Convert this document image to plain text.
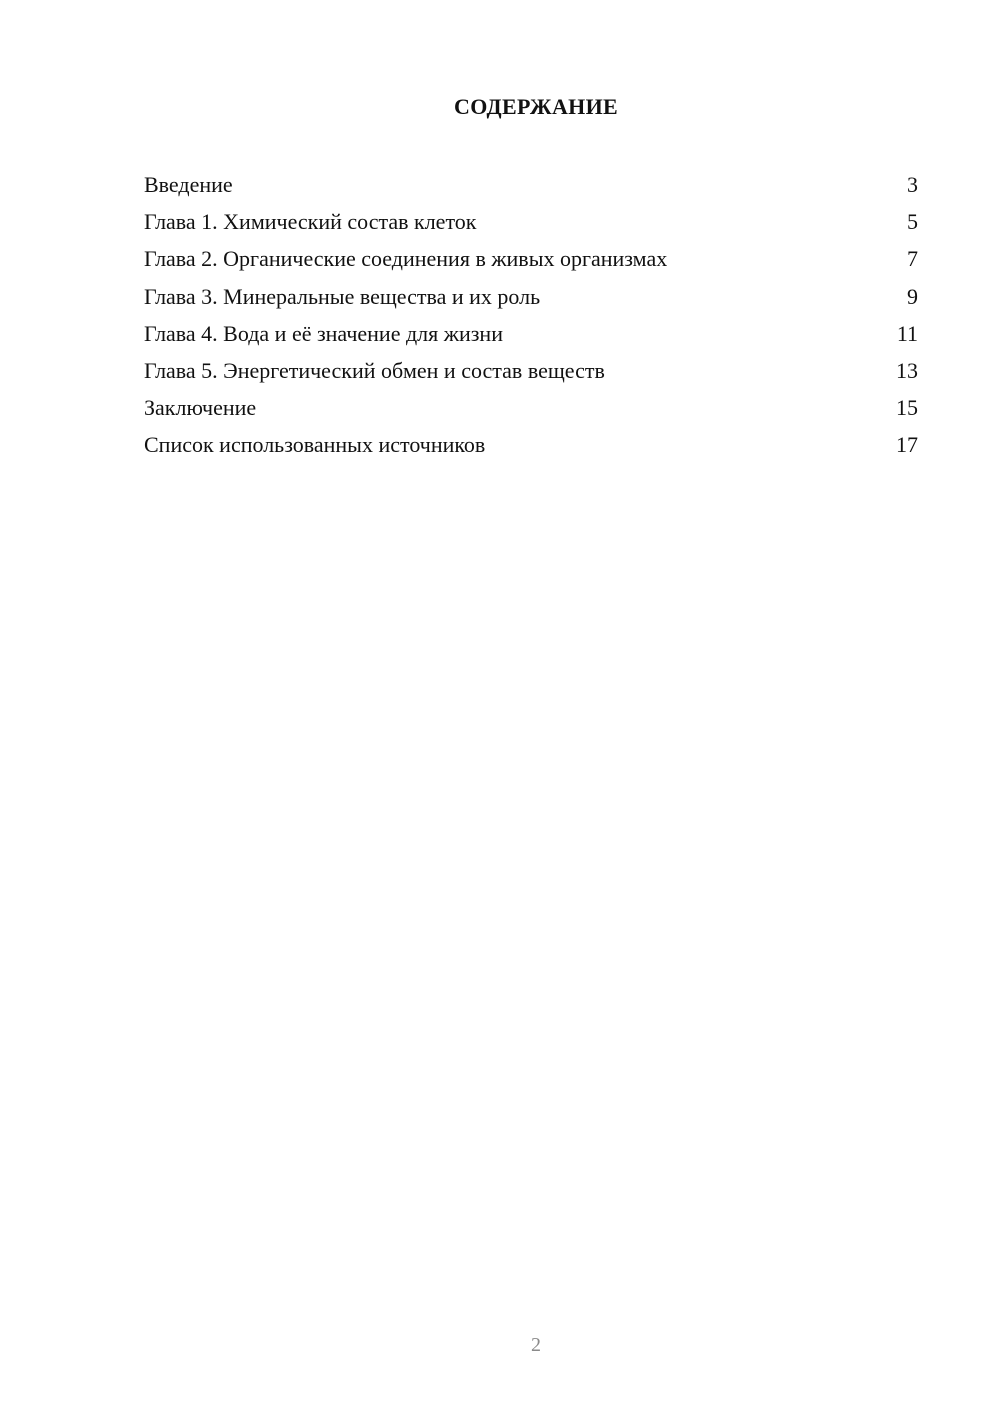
СОДЕРЖАНИЕ
Введение	3
Глава 1. Химический состав клеток	5
Глава 2. Органические соединения в живых организмах	7
Глава 3. Минеральные вещества и их роль	9
Глава 4. Вода и её значение для жизни	11
Глава 5. Энергетический обмен и состав веществ	13
Заключение	15
Список использованных источников	17
2
